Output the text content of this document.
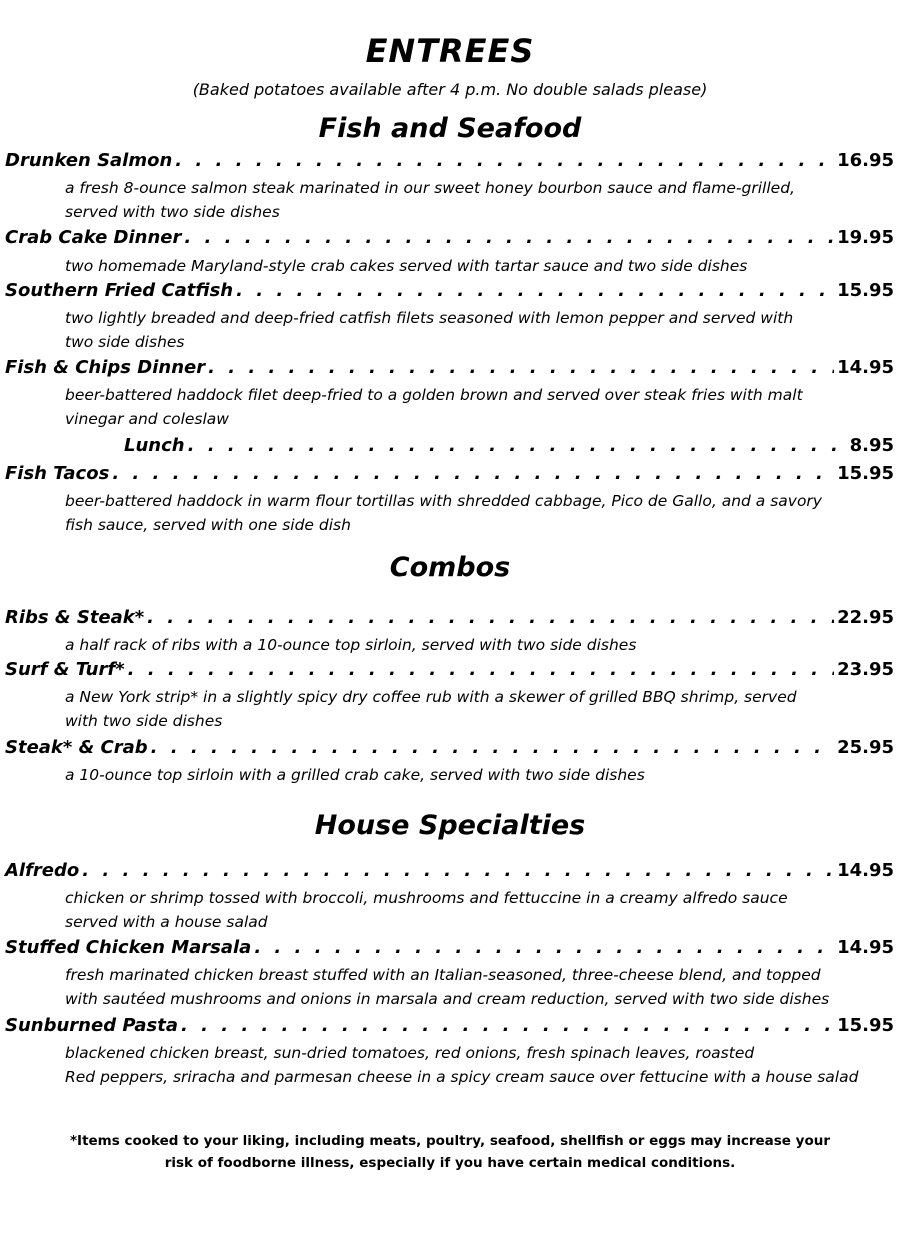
ENTREES
(Baked potatoes available after 4 p.m. No double salads please)
Fish and Seafood
Drunken Salmon . . .	16.95
a fresh 8-ounce salmon steak marinated in our sweet honey bourbon sauce and flame-grilled,
served with two side dishes
Crab Cake Dinner . . .	19.95
two homemade Maryland-style crab cakes served with tartar sauce and two side dishes
Southern Fried Catfish . . .	15.95
two lightly breaded and deep-fried catfish filets seasoned with lemon pepper and served with
two side dishes
Fish & Chips Dinner . . .	14.95
beer-battered haddock filet deep-fried to a golden brown and served over steak fries with malt
vinegar and coleslaw
Lunch . . .	8.95
Fish Tacos . . .	15.95
beer-battered haddock in warm flour tortillas with shredded cabbage, Pico de Gallo, and a savory
fish sauce, served with one side dish
Combos
Ribs & Steak* . . .	22.95
a half rack of ribs with a 10-ounce top sirloin, served with two side dishes
Surf & Turf* . . .	23.95
a New York strip* in a slightly spicy dry coffee rub with a skewer of grilled BBQ shrimp, served
with two side dishes
Steak* & Crab . . .	25.95
a 10-ounce top sirloin with a grilled crab cake, served with two side dishes
House Specialties
Alfredo . . .	14.95
chicken or shrimp tossed with broccoli, mushrooms and fettuccine in a creamy alfredo sauce
served with a house salad
Stuffed Chicken Marsala . . .	14.95
fresh marinated chicken breast stuffed with an Italian-seasoned, three-cheese blend, and topped
with sautéed mushrooms and onions in marsala and cream reduction, served with two side dishes
Sunburned Pasta . . .	15.95
blackened chicken breast, sun-dried tomatoes, red onions, fresh spinach leaves, roasted
Red peppers, sriracha and parmesan cheese in a spicy cream sauce over fettucine with a house salad
*Items cooked to your liking, including meats, poultry, seafood, shellfish or eggs may increase your
risk of foodborne illness, especially if you have certain medical conditions.
